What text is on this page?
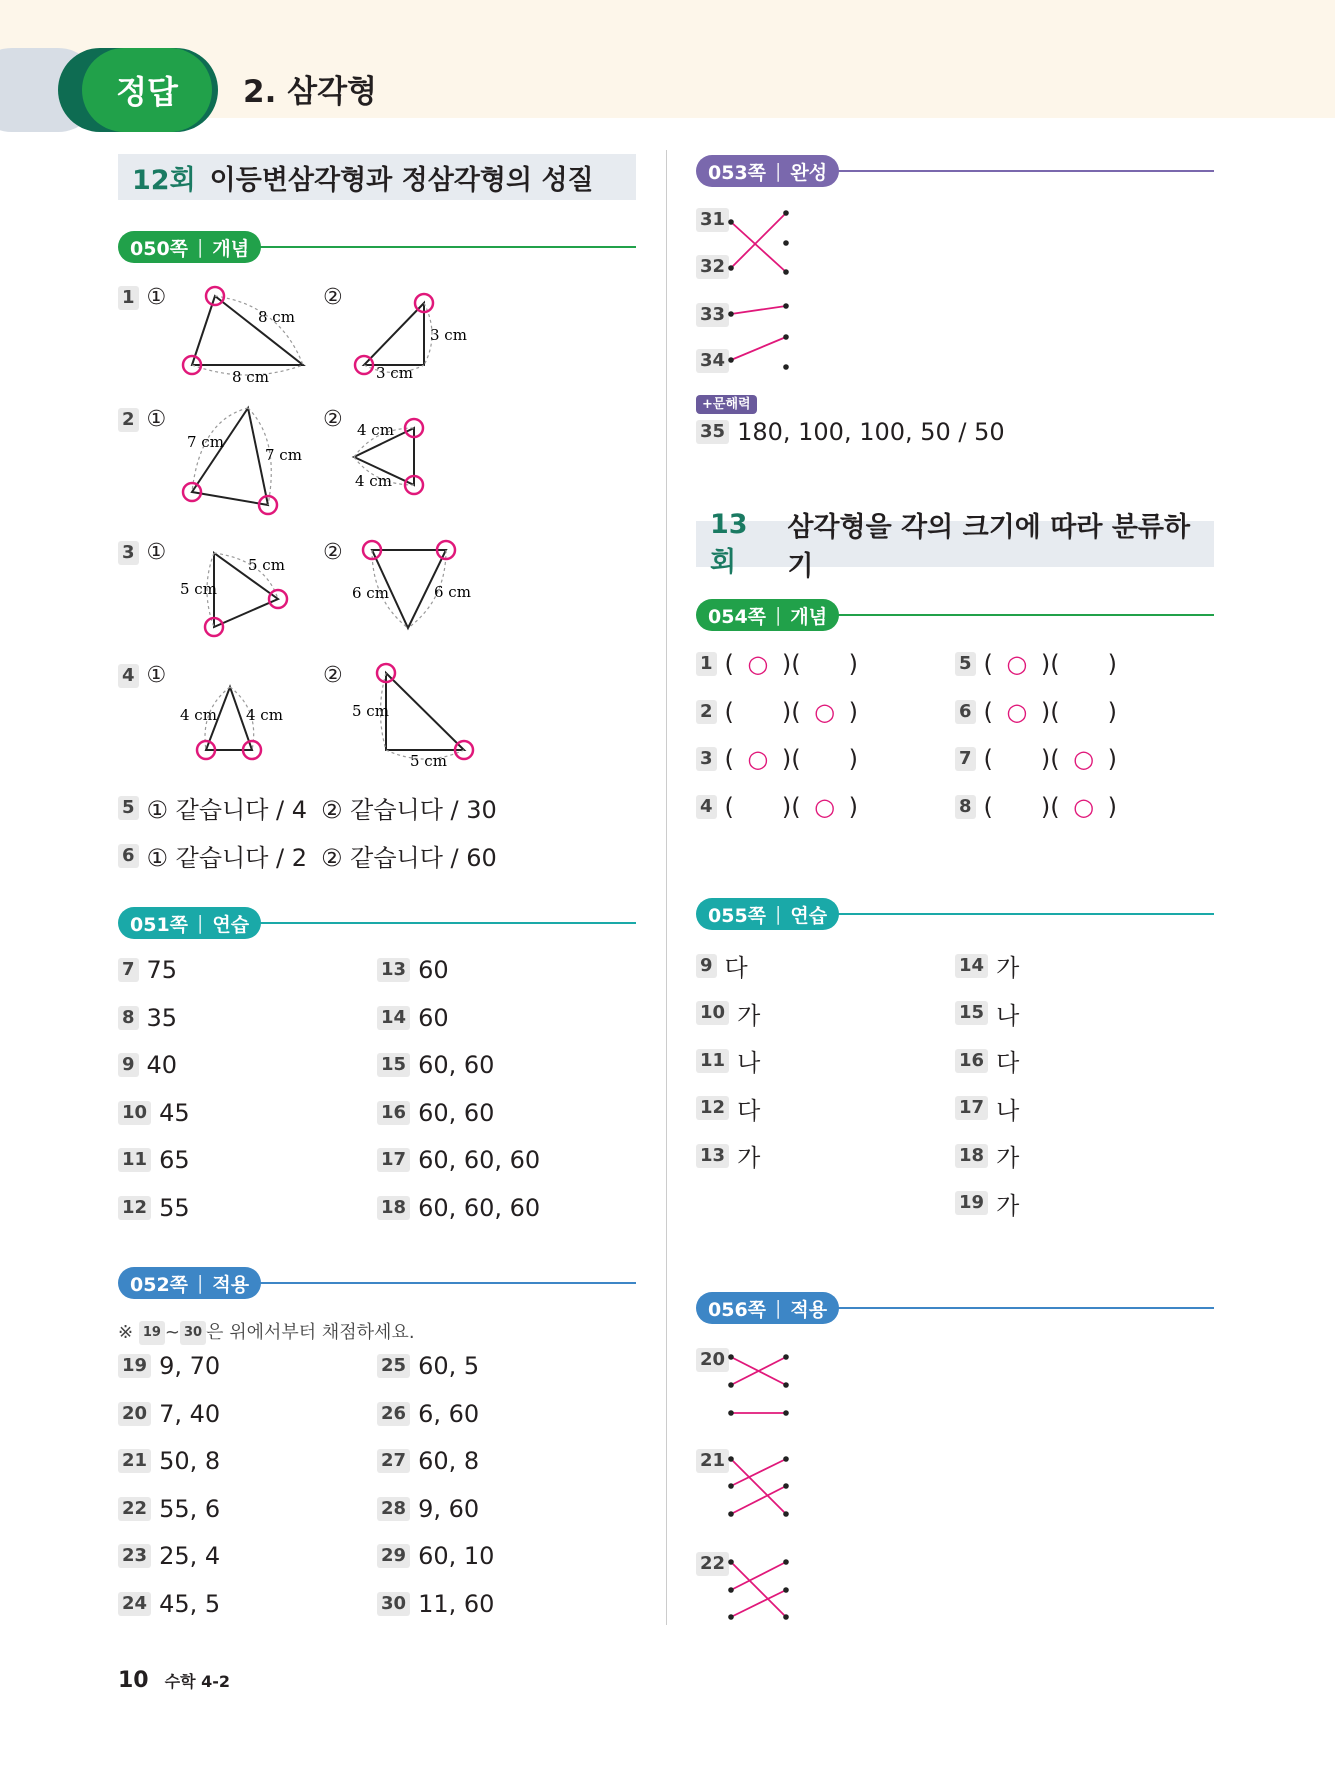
정답	2. 삼각형
12회 이등변삼각형과 정삼각형의 성질
050쪽 | 개념
1 ①	②
2 ①	②
3 ①	②
4 ①	②
8 cm
8 cm
3 cm
3 cm
7 cm
7 cm
4 cm
4 cm
5 cm
5 cm
6 cm	6 cm
4 cm 4 cm	5 cm
5 cm
5 ① 같습니다 / 4 ② 같습니다 / 30
6 ① 같습니다 / 2 ② 같습니다 / 60
051쪽 | 연습
7 75
8 35
9 40
10 45
11 65
12 55
13 60
14 60
15 60, 60
16 60, 60
17 60, 60, 60
18 60, 60, 60
052쪽 | 적용
※ 19 ~ 30 은 위에서부터 채점하세요.
19 9, 70
20 7, 40
21 50, 8
22 55, 6
23 25, 4
24 45, 5
25 60, 5
26 6, 60
27 60, 8
28 9, 60
29 60, 10
30 11, 60
053쪽 | 완성
31
32
33
34
+문해력
35 180, 100, 100, 50 / 50
13회
삼각형을 각의 크기에 따라 분류하기
054쪽 | 개념
1 ( ○ ) ( )
2 ( ) ( ○ )
3 ( ○ ) ( )
4 ( ) ( ○ )
5 ( ○ ) ( )
6 ( ○ ) ( )
7 ( ) ( ○ )
8 ( ) ( ○ )
055쪽 | 연습
9 다
10 가
11 나
12 다
13 가
14 가
15 나
16 다
17 나
18 가
19 가
056쪽 | 적용
20
21
22
10 수학 4-2
